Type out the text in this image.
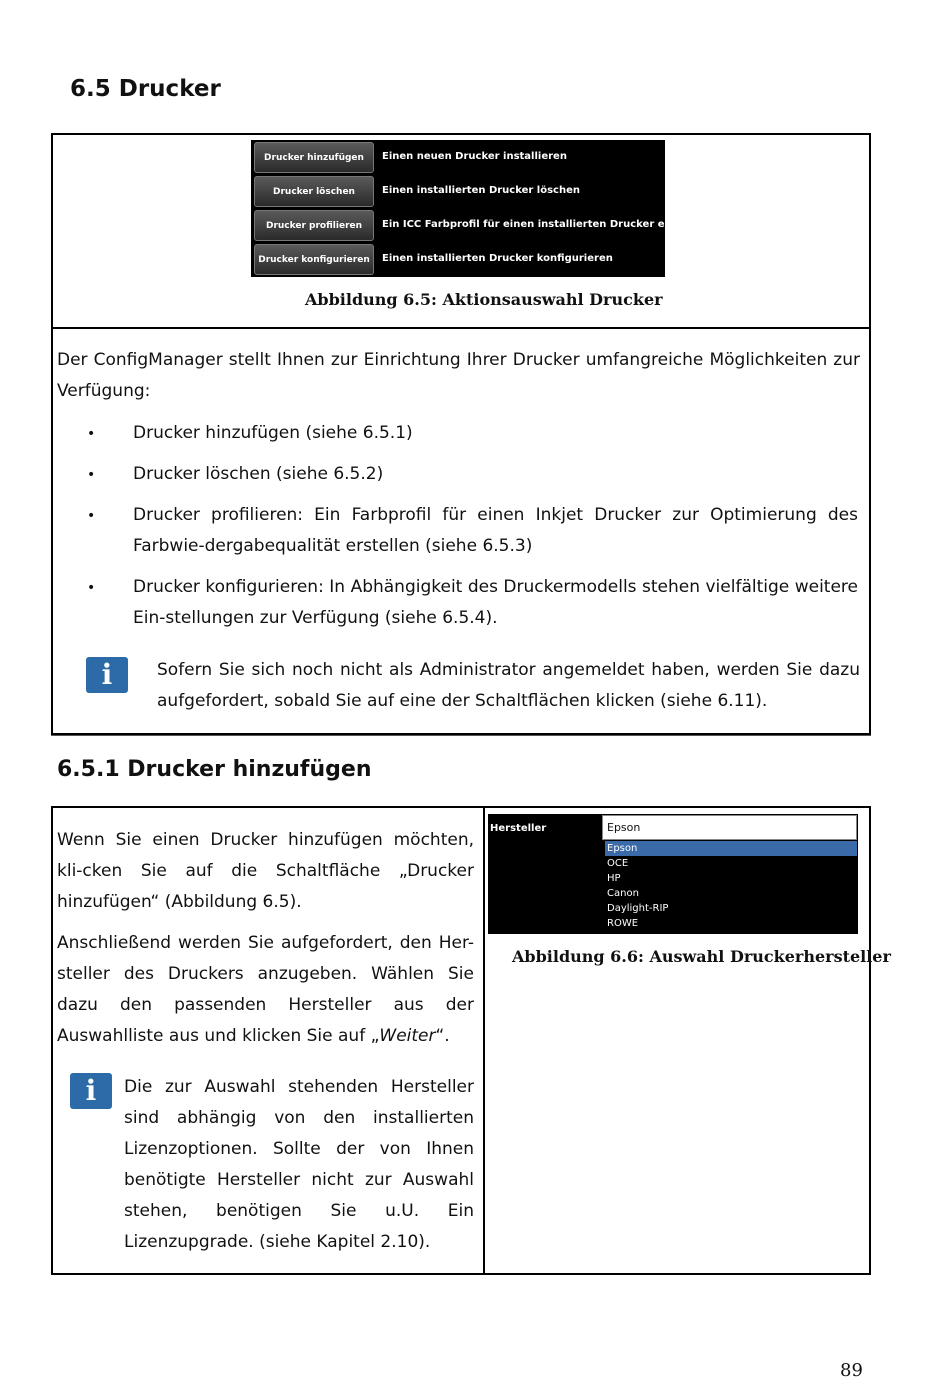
6.5 Drucker
Drucker hinzufügen	Einen neuen Drucker installieren
Drucker löschen	Einen installierten Drucker löschen
Drucker profilieren	Ein ICC Farbprofil für einen installierten Drucker erzeugen
Drucker konfigurieren	Einen installierten Drucker konfigurieren
Abbildung 6.5: Aktionsauswahl Drucker
Der ConfigManager stellt Ihnen zur Einrichtung Ihrer Drucker umfangreiche Möglichkeiten zur Verfügung:
• Drucker hinzufügen (siehe 6.5.1)
• Drucker löschen (siehe 6.5.2)
• Drucker profilieren: Ein Farbprofil für einen Inkjet Drucker zur Optimierung des Farbwie-dergabequalität erstellen (siehe 6.5.3)
• Drucker konfigurieren: In Abhängigkeit des Druckermodells stehen vielfältige weitere Ein-stellungen zur Verfügung (siehe 6.5.4).
i	Sofern Sie sich noch nicht als Administrator angemeldet haben, werden Sie dazu aufgefordert, sobald Sie auf eine der Schaltflächen klicken (siehe 6.11).
6.5.1 Drucker hinzufügen
Wenn Sie einen Drucker hinzufügen möchten, kli-cken Sie auf die Schaltfläche „Drucker hinzufügen“ (Abbildung 6.5).
Anschließend werden Sie aufgefordert, den Her-steller des Druckers anzugeben. Wählen Sie dazu den passenden Hersteller aus der Auswahlliste aus und klicken Sie auf „Weiter“.
i	Die zur Auswahl stehenden Hersteller sind abhängig von den installierten Lizenzoptionen. Sollte der von Ihnen benötigte Hersteller nicht zur Auswahl stehen, benötigen Sie u.U. Ein Lizenzupgrade. (siehe Kapitel 2.10).
Hersteller	Epson
Epson
OCE
HP
Canon
Daylight-RIP
ROWE
Abbildung 6.6: Auswahl Druckerhersteller
89
